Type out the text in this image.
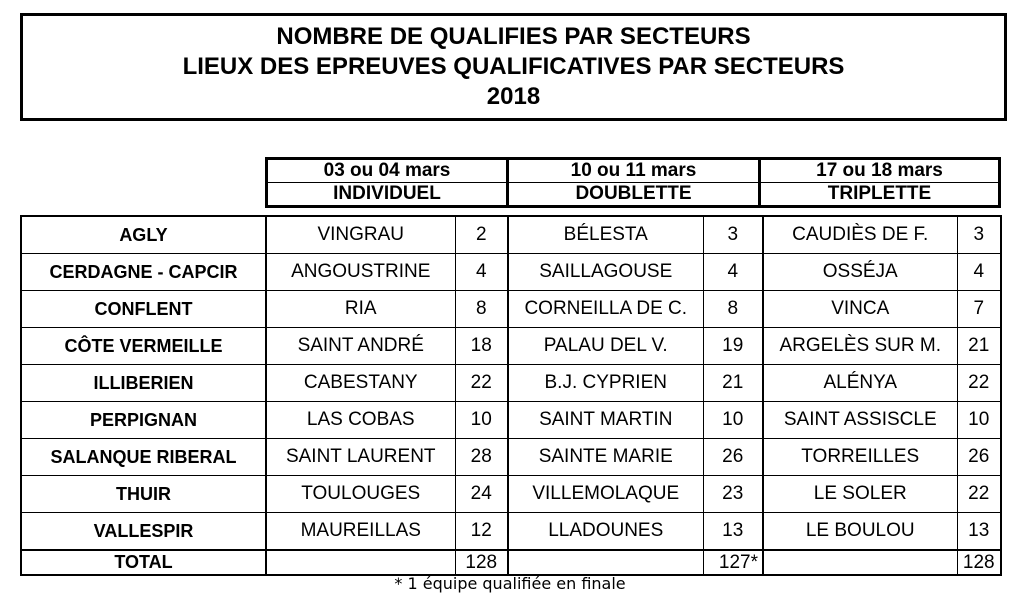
NOMBRE DE QUALIFIES PAR SECTEURS
LIEUX DES EPREUVES QUALIFICATIVES PAR SECTEURS
2018
03 ou 04 mars	10 ou 11 mars	17 ou 18 mars
INDIVIDUEL	DOUBLETTE	TRIPLETTE
AGLY	VINGRAU	2	BÉLESTA	3	CAUDIÈS DE F.	3
CERDAGNE - CAPCIR	ANGOUSTRINE	4	SAILLAGOUSE	4	OSSÉJA	4
CONFLENT	RIA	8	CORNEILLA DE C.	8	VINCA	7
CÔTE VERMEILLE	SAINT ANDRÉ	18	PALAU DEL V.	19	ARGELÈS SUR M.	21
ILLIBERIEN	CABESTANY	22	B.J. CYPRIEN	21	ALÉNYA	22
PERPIGNAN	LAS COBAS	10	SAINT MARTIN	10	SAINT ASSISCLE	10
SALANQUE RIBERAL	SAINT LAURENT	28	SAINTE MARIE	26	TORREILLES	26
THUIR	TOULOUGES	24	VILLEMOLAQUE	23	LE SOLER	22
VALLESPIR	MAUREILLAS	12	LLADOUNES	13	LE BOULOU	13
TOTAL		128		127*		128
* 1 équipe qualifiée en finale
